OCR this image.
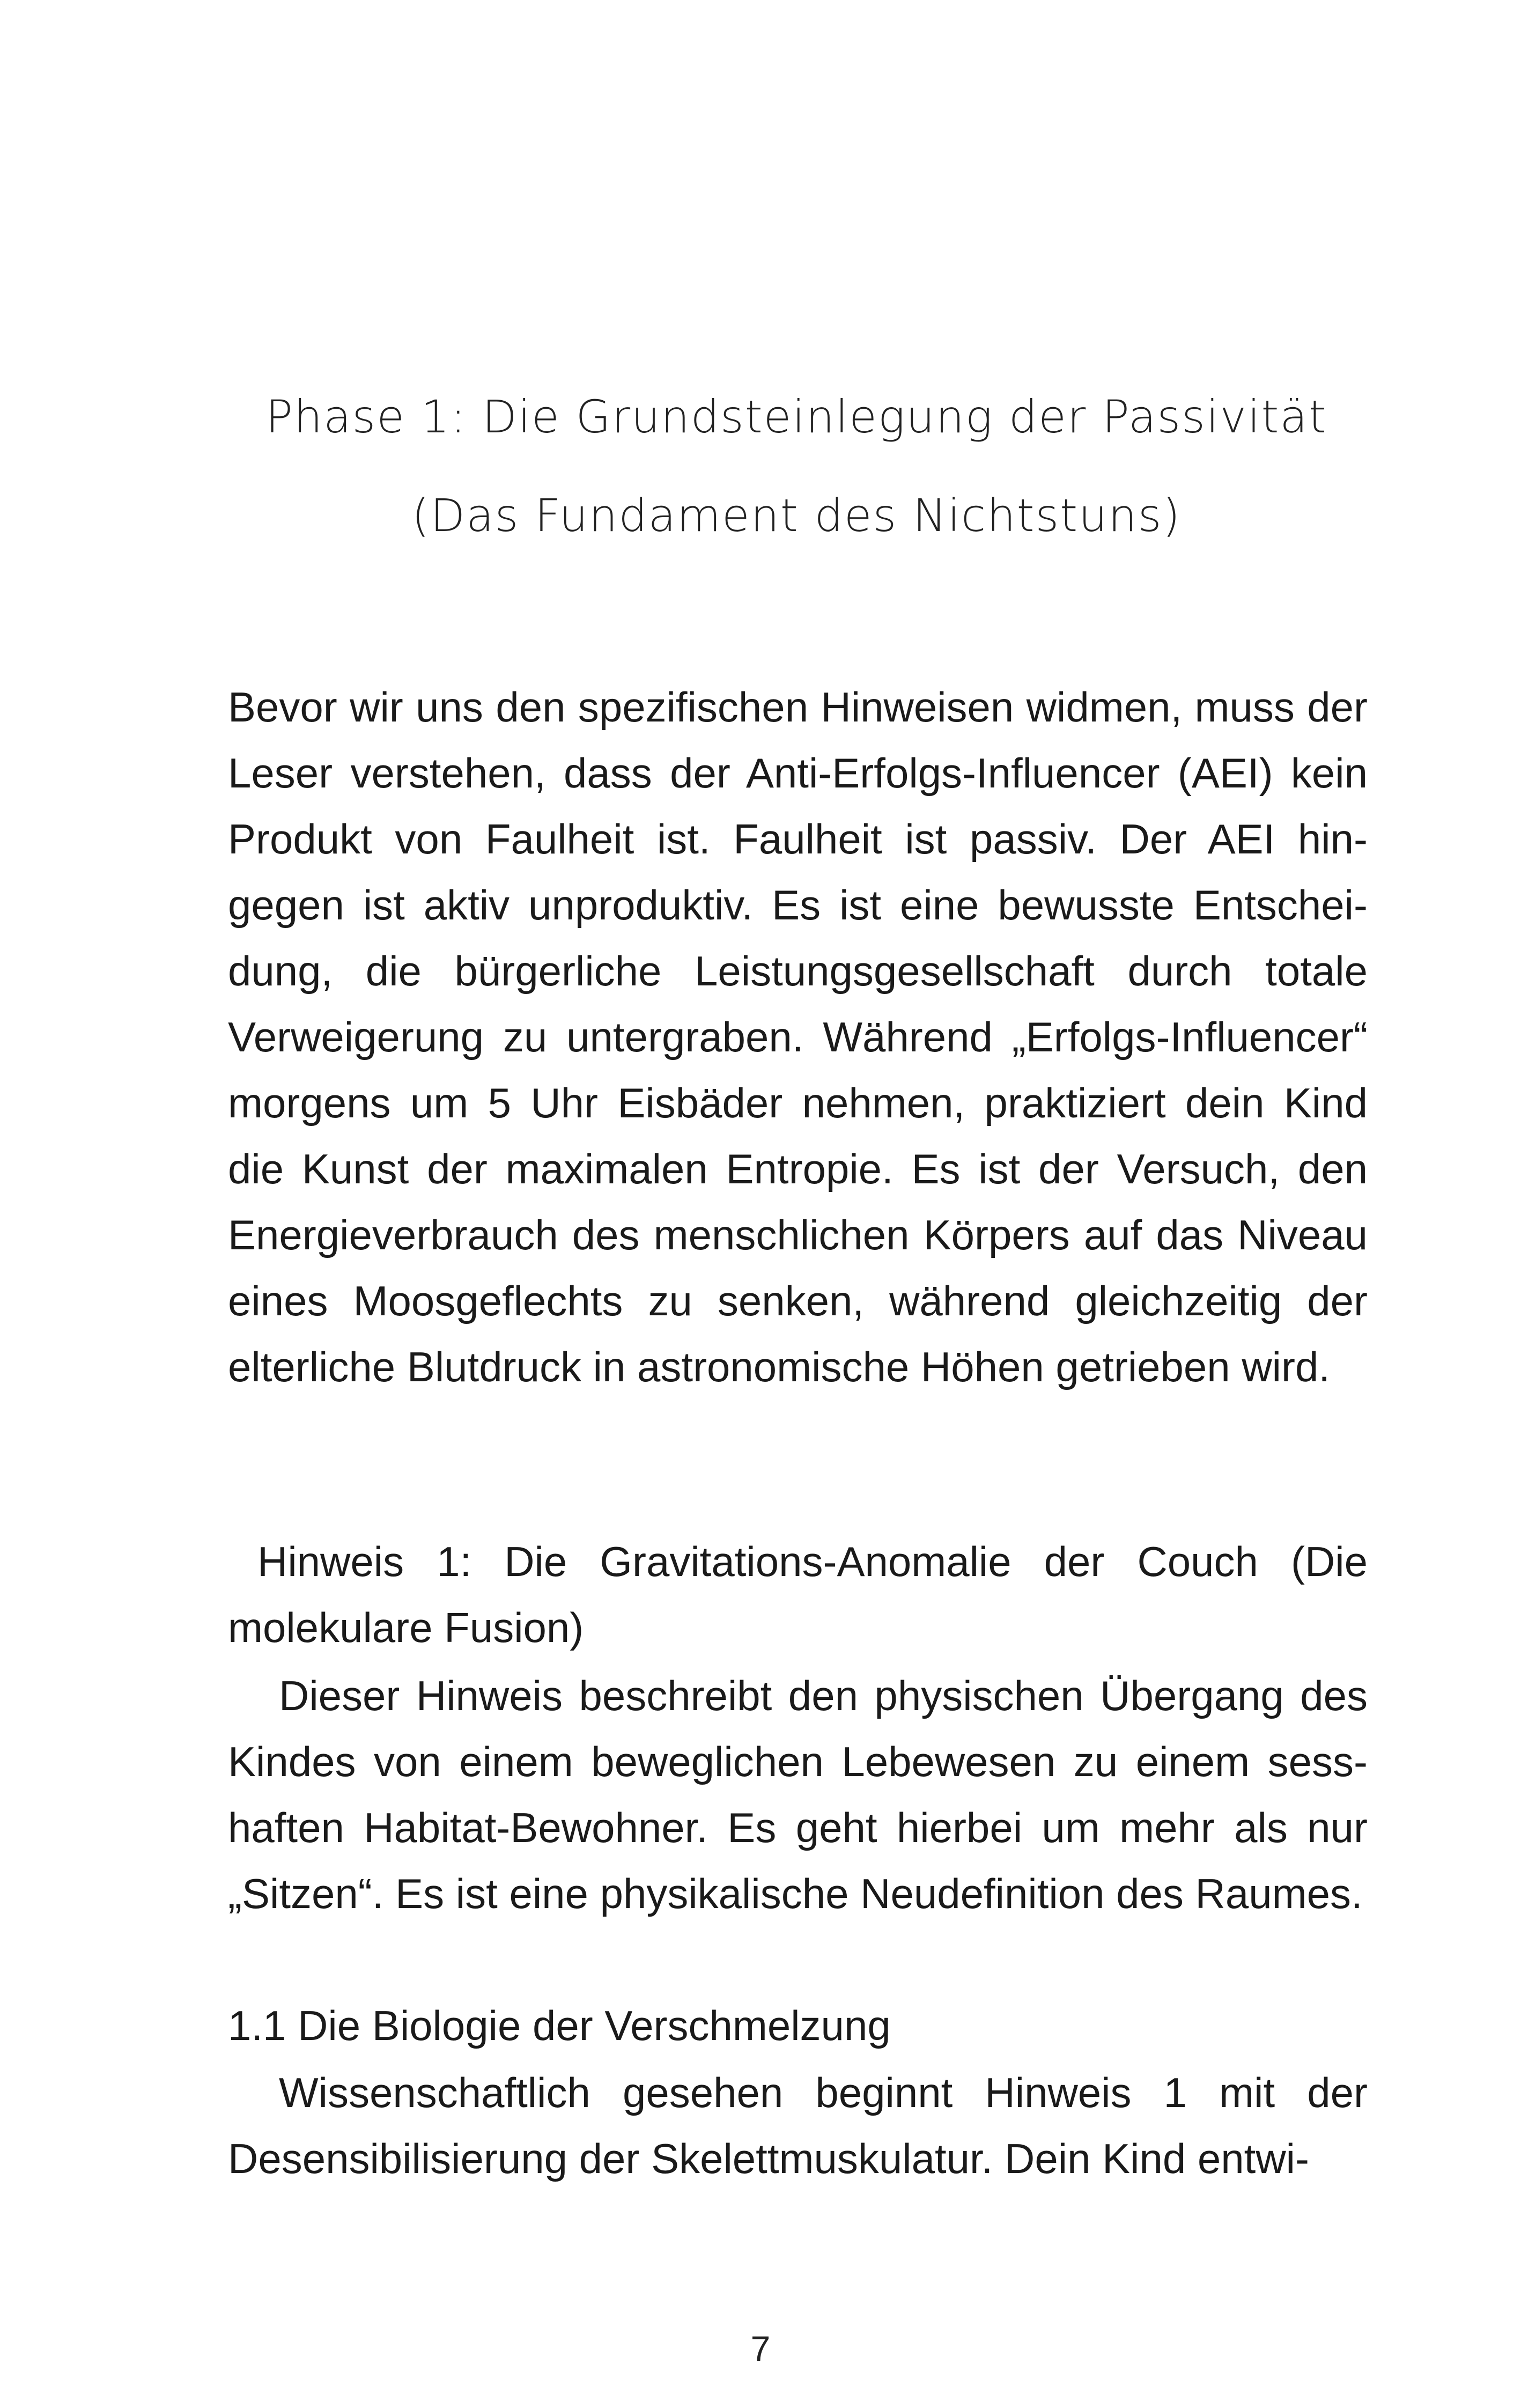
Phase 1: Die Grundsteinlegung der Passivität
(Das Fundament des Nichtstuns)

Bevor wir uns den spezifischen Hinweisen widmen, muss der Leser verstehen, dass der Anti-Erfolgs-Influencer (AEI) kein Produkt von Faulheit ist. Faulheit ist passiv. Der AEI hingegen ist aktiv unproduktiv. Es ist eine bewusste Entscheidung, die bürgerliche Leistungsgesellschaft durch totale Verweigerung zu untergraben. Während „Erfolgs-Influencer“ morgens um 5 Uhr Eisbäder nehmen, praktiziert dein Kind die Kunst der maximalen Entropie. Es ist der Versuch, den Energieverbrauch des menschlichen Körpers auf das Niveau eines Moosgeflechts zu senken, während gleichzeitig der elterliche Blutdruck in astronomische Höhen getrieben wird.

Hinweis 1: Die Gravitations-Anomalie der Couch (Die molekulare Fusion)

Dieser Hinweis beschreibt den physischen Übergang des Kindes von einem beweglichen Lebewesen zu einem sesshaften Habitat-Bewohner. Es geht hierbei um mehr als nur „Sitzen“. Es ist eine physikalische Neudefinition des Raumes.

1.1 Die Biologie der Verschmelzung

Wissenschaftlich gesehen beginnt Hinweis 1 mit der Desensibilisierung der Skelettmuskulatur. Dein Kind entwi-

7
